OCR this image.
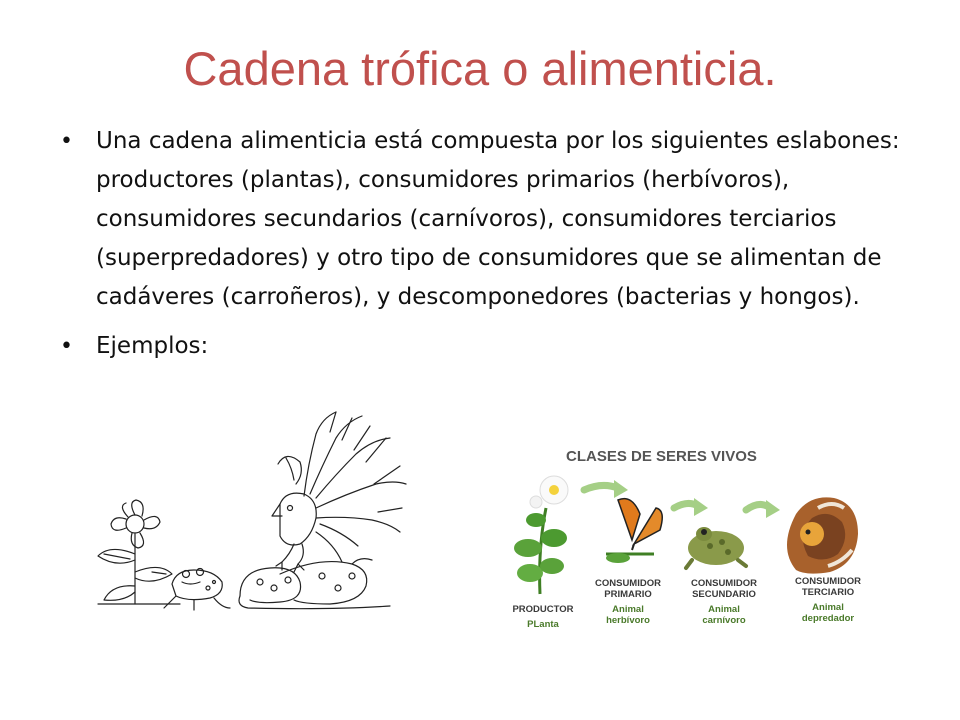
Cadena trófica o alimenticia.
• Una cadena alimenticia está compuesta por los siguientes eslabones: productores (plantas), consumidores primarios (herbívoros), consumidores secundarios (carnívoros), consumidores terciarios (superpredadores) y otro tipo de consumidores que se alimentan de cadáveres (carroñeros), y descomponedores (bacterias y hongos).
• Ejemplos:
CLASES DE SERES VIVOS
PRODUCTOR
PLanta
CONSUMIDOR
PRIMARIO
Animal
herbívoro
CONSUMIDOR
SECUNDARIO
Animal
carnívoro
CONSUMIDOR
TERCIARIO
Animal
depredador
